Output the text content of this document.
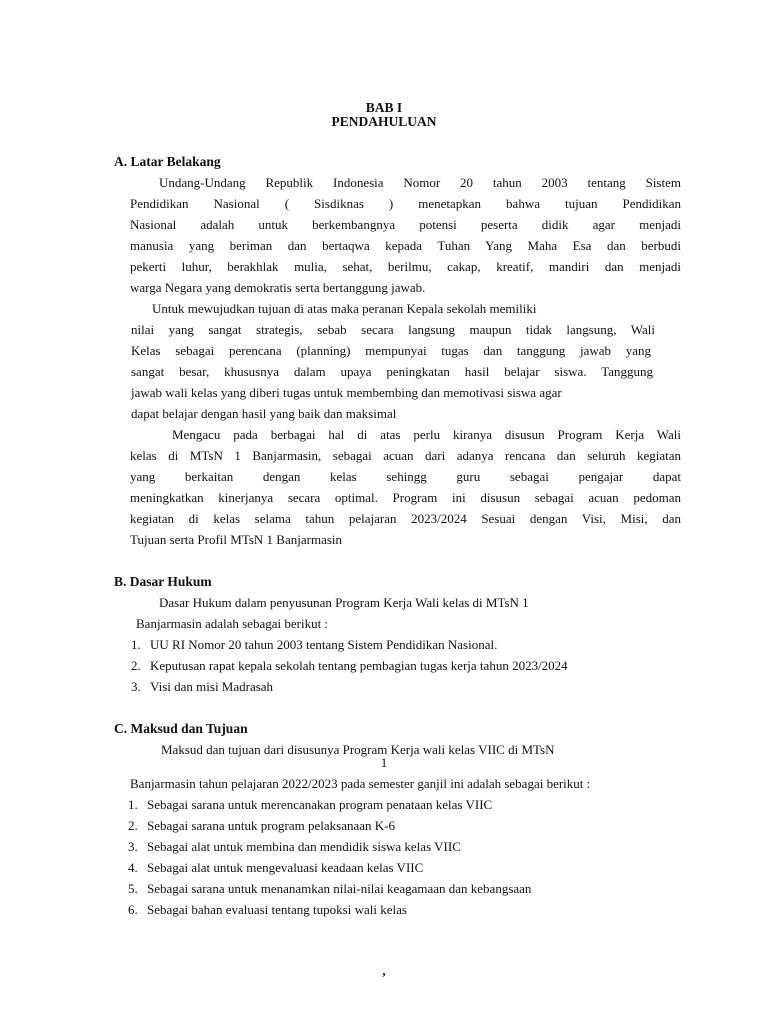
BAB I
PENDAHULUAN
A. Latar Belakang
Undang-Undang Republik Indonesia Nomor 20 tahun 2003 tentang Sistem
Pendidikan Nasional ( Sisdiknas ) menetapkan bahwa tujuan Pendidikan
Nasional adalah untuk berkembangnya potensi peserta didik agar menjadi
manusia yang beriman dan bertaqwa kepada Tuhan Yang Maha Esa dan berbudi
pekerti luhur, berakhlak mulia, sehat, berilmu, cakap, kreatif, mandiri dan menjadi
warga Negara yang demokratis serta bertanggung jawab.
Untuk mewujudkan tujuan di atas maka peranan Kepala sekolah memiliki
nilai yang sangat strategis, sebab secara langsung maupun tidak langsung, Wali
Kelas sebagai perencana (planning) mempunyai tugas dan tanggung jawab yang
sangat besar, khususnya dalam upaya peningkatan hasil belajar siswa. Tanggung
jawab wali kelas yang diberi tugas untuk membembing dan memotivasi siswa agar
dapat belajar dengan hasil yang baik dan maksimal
Mengacu pada berbagai hal di atas perlu kiranya disusun Program Kerja Wali
kelas di MTsN 1 Banjarmasin, sebagai acuan dari adanya rencana dan seluruh kegiatan
yang berkaitan dengan kelas sehingg guru sebagai pengajar dapat
meningkatkan kinerjanya secara optimal. Program ini disusun sebagai acuan pedoman
kegiatan di kelas selama tahun pelajaran 2023/2024 Sesuai dengan Visi, Misi, dan
Tujuan serta Profil MTsN 1 Banjarmasin
B. Dasar Hukum
Dasar Hukum dalam penyusunan Program Kerja Wali kelas di MTsN 1
Banjarmasin adalah sebagai berikut :
1. UU RI Nomor 20 tahun 2003 tentang Sistem Pendidikan Nasional.
2. Keputusan rapat kepala sekolah tentang pembagian tugas kerja tahun 2023/2024
3. Visi dan misi Madrasah
C. Maksud dan Tujuan
Maksud dan tujuan dari disusunya Program Kerja wali kelas VIIC di MTsN
1
Banjarmasin tahun pelajaran 2022/2023 pada semester ganjil ini adalah sebagai berikut :
1. Sebagai sarana untuk merencanakan program penataan kelas VIIC
2. Sebagai sarana untuk program pelaksanaan K-6
3. Sebagai alat untuk membina dan mendidik siswa kelas VIIC
4. Sebagai alat untuk mengevaluasi keadaan kelas VIIC
5. Sebagai sarana untuk menanamkan nilai-nilai keagamaan dan kebangsaan
6. Sebagai bahan evaluasi tentang tupoksi wali kelas
,
